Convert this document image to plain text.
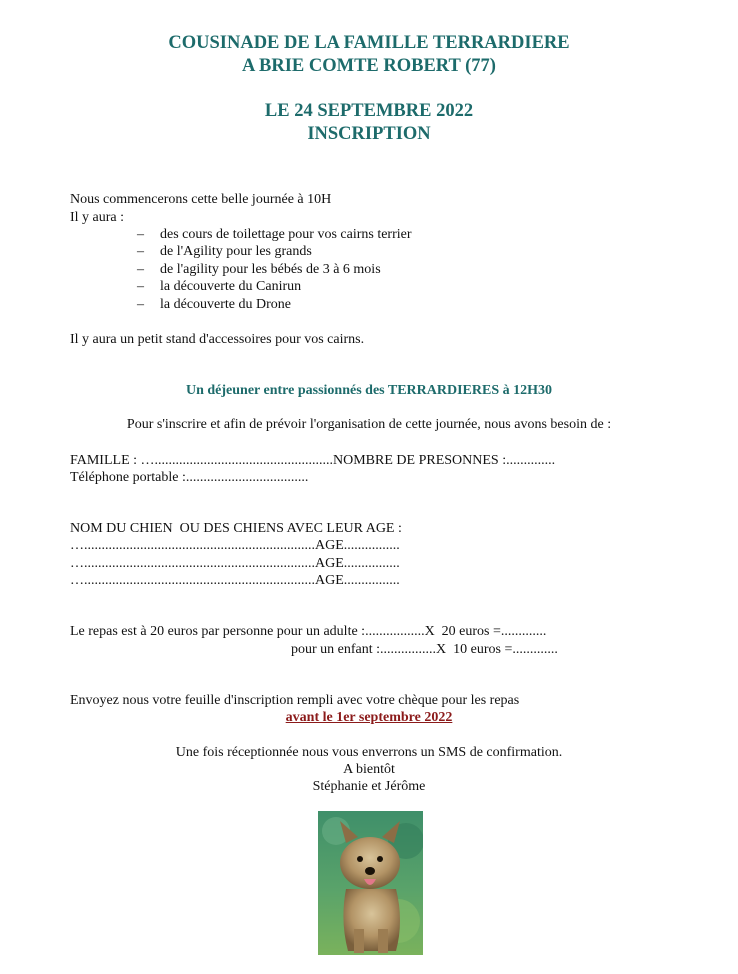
COUSINADE DE LA FAMILLE TERRARDIERE
A BRIE COMTE ROBERT (77)
LE 24 SEPTEMBRE 2022
INSCRIPTION
Nous commencerons cette belle journée à 10H
Il y aura :
– des cours de toilettage pour vos cairns terrier
– de l'Agility pour les grands
– de l'agility pour les bébés de 3 à 6 mois
– la découverte du Canirun
– la découverte du Drone
Il y aura un petit stand d'accessoires pour vos cairns.
Un déjeuner entre passionnés des TERRARDIERES à 12H30
Pour s'inscrire et afin de prévoir l'organisation de cette journée, nous avons besoin de :
FAMILLE : …...................................................NOMBRE DE PRESONNES :..............
Téléphone portable :...................................
NOM DU CHIEN  OU DES CHIENS AVEC LEUR AGE :
…..................................................................AGE................
…..................................................................AGE................
…..................................................................AGE................
Le repas est à 20 euros par personne pour un adulte :.................X  20 euros =.............
pour un enfant :................X  10 euros =.............
Envoyez nous votre feuille d'inscription rempli avec votre chèque pour les repas
avant le 1er septembre 2022
Une fois réceptionnée nous vous enverrons un SMS de confirmation.
A bientôt
Stéphanie et Jérôme
